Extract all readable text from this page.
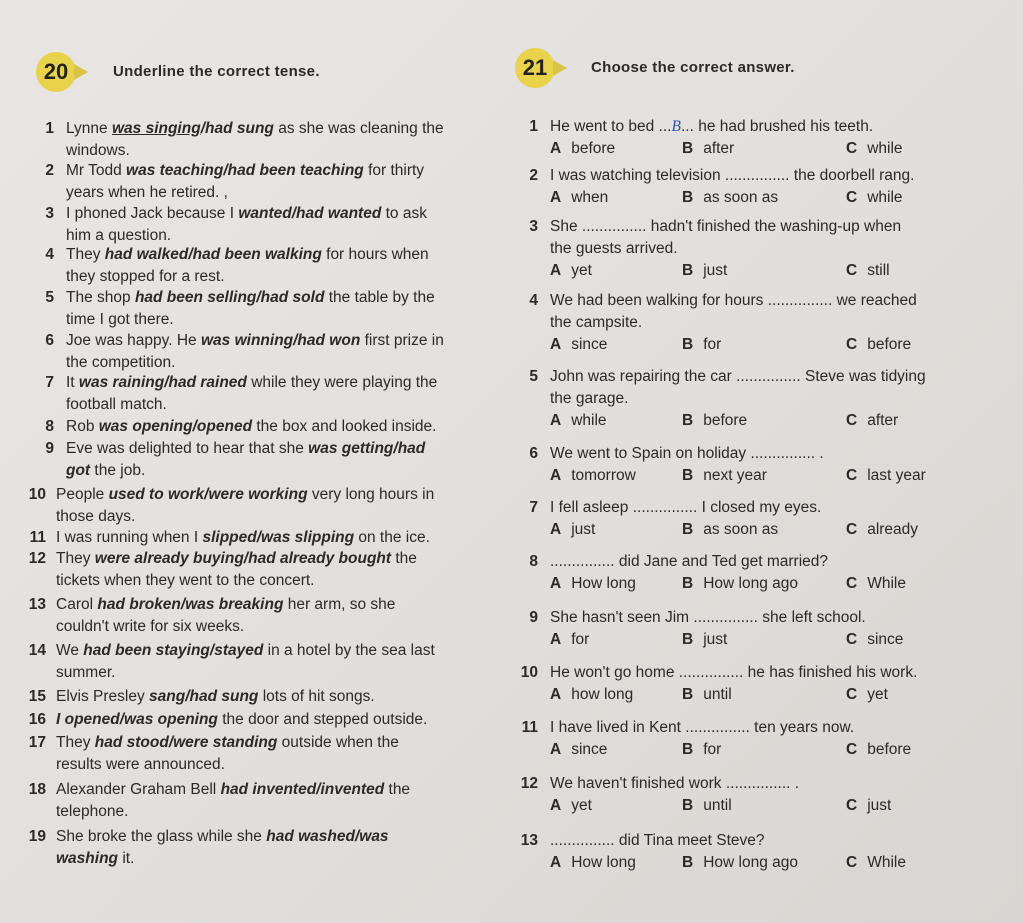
20	Underline the correct tense.
1 Lynne was singing/had sung as she was cleaning the
windows.
2 Mr Todd was teaching/had been teaching for thirty
years when he retired. ,
3 I phoned Jack because I wanted/had wanted to ask
him a question.
4 They had walked/had been walking for hours when
they stopped for a rest.
5 The shop had been selling/had sold the table by the
time I got there.
6 Joe was happy. He was winning/had won first prize in
the competition.
7 It was raining/had rained while they were playing the
football match.
8 Rob was opening/opened the box and looked inside.
9 Eve was delighted to hear that she was getting/had
got the job.
10 People used to work/were working very long hours in
those days.
11 I was running when I slipped/was slipping on the ice.
12 They were already buying/had already bought the
tickets when they went to the concert.
13 Carol had broken/was breaking her arm, so she
couldn't write for six weeks.
14 We had been staying/stayed in a hotel by the sea last
summer.
15 Elvis Presley sang/had sung lots of hit songs.
16 I opened/was opening the door and stepped outside.
17 They had stood/were standing outside when the
results were announced.
18 Alexander Graham Bell had invented/invented the
telephone.
19 She broke the glass while she had washed/was
washing it.
21	Choose the correct answer.
1 He went to bed ...B... he had brushed his teeth.
A before	B after	C while
2 I was watching television ............... the doorbell rang.
A when	B as soon as	C while
3 She ............... hadn't finished the washing-up when
the guests arrived.
A yet	B just	C still
4 We had been walking for hours ............... we reached
the campsite.
A since	B for	C before
5 John was repairing the car ............... Steve was tidying
the garage.
A while	B before	C after
6 We went to Spain on holiday ............... .
A tomorrow	B next year	C last year
7 I fell asleep ............... I closed my eyes.
A just	B as soon as	C already
8 ............... did Jane and Ted get married?
A How long	B How long ago	C While
9 She hasn't seen Jim ............... she left school.
A for	B just	C since
10 He won't go home ............... he has finished his work.
A how long	B until	C yet
11 I have lived in Kent ............... ten years now.
A since	B for	C before
12 We haven't finished work ............... .
A yet	B until	C just
13 ............... did Tina meet Steve?
A How long	B How long ago	C While
